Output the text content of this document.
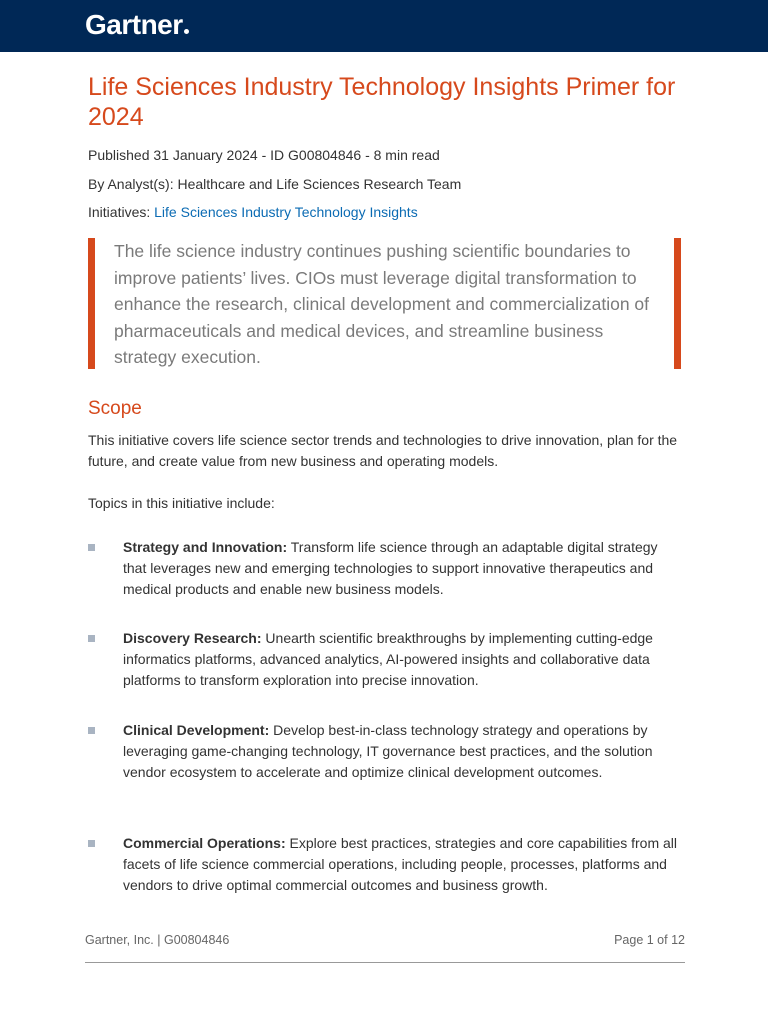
Gartner
Life Sciences Industry Technology Insights Primer for 2024
Published 31 January 2024 - ID G00804846 - 8 min read
By Analyst(s): Healthcare and Life Sciences Research Team
Initiatives: Life Sciences Industry Technology Insights
The life science industry continues pushing scientific boundaries to improve patients’ lives. CIOs must leverage digital transformation to enhance the research, clinical development and commercialization of pharmaceuticals and medical devices, and streamline business strategy execution.
Scope

This initiative covers life science sector trends and technologies to drive innovation, plan for the future, and create value from new business and operating models.

Topics in this initiative include:

Strategy and Innovation: Transform life science through an adaptable digital strategy that leverages new and emerging technologies to support innovative therapeutics and medical products and enable new business models.

Discovery Research: Unearth scientific breakthroughs by implementing cutting-edge informatics platforms, advanced analytics, AI-powered insights and collaborative data platforms to transform exploration into precise innovation.

Clinical Development: Develop best-in-class technology strategy and operations by leveraging game-changing technology, IT governance best practices, and the solution vendor ecosystem to accelerate and optimize clinical development outcomes.

Commercial Operations: Explore best practices, strategies and core capabilities from all facets of life science commercial operations, including people, processes, platforms and vendors to drive optimal commercial outcomes and business growth.

Gartner, Inc. | G00804846	Page 1 of 12
